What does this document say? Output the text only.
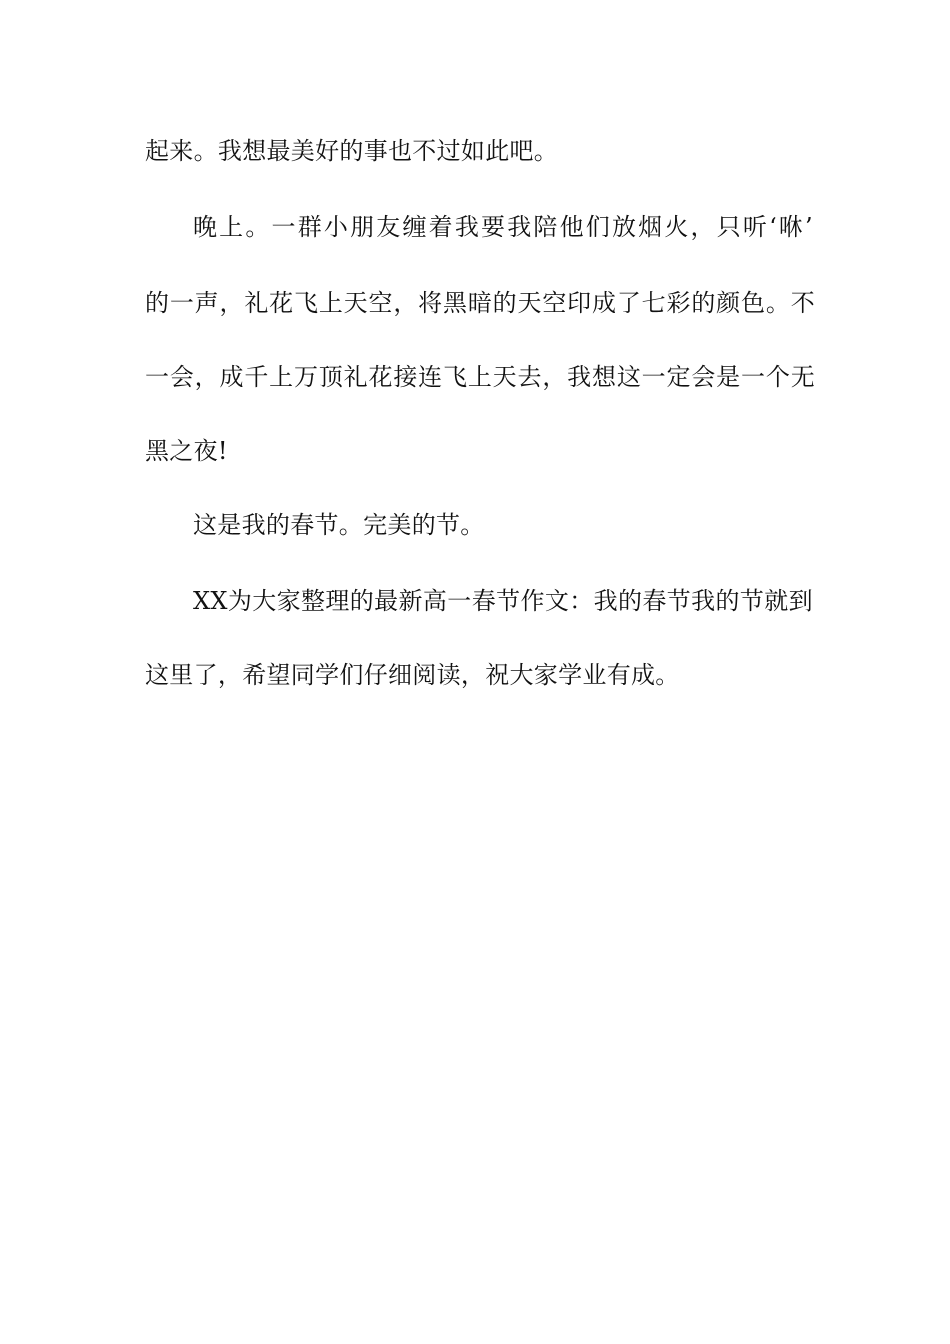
起来。我想最美好的事也不过如此吧。
晚上。一群小朋友缠着我要我陪他们放烟火，只听‘咻’
的一声，礼花飞上天空，将黑暗的天空印成了七彩的颜色。不
一会，成千上万顶礼花接连飞上天去，我想这一定会是一个无
黑之夜!
这是我的春节。完美的节。
XX为大家整理的最新高一春节作文：我的春节我的节就到
这里了，希望同学们仔细阅读，祝大家学业有成。
